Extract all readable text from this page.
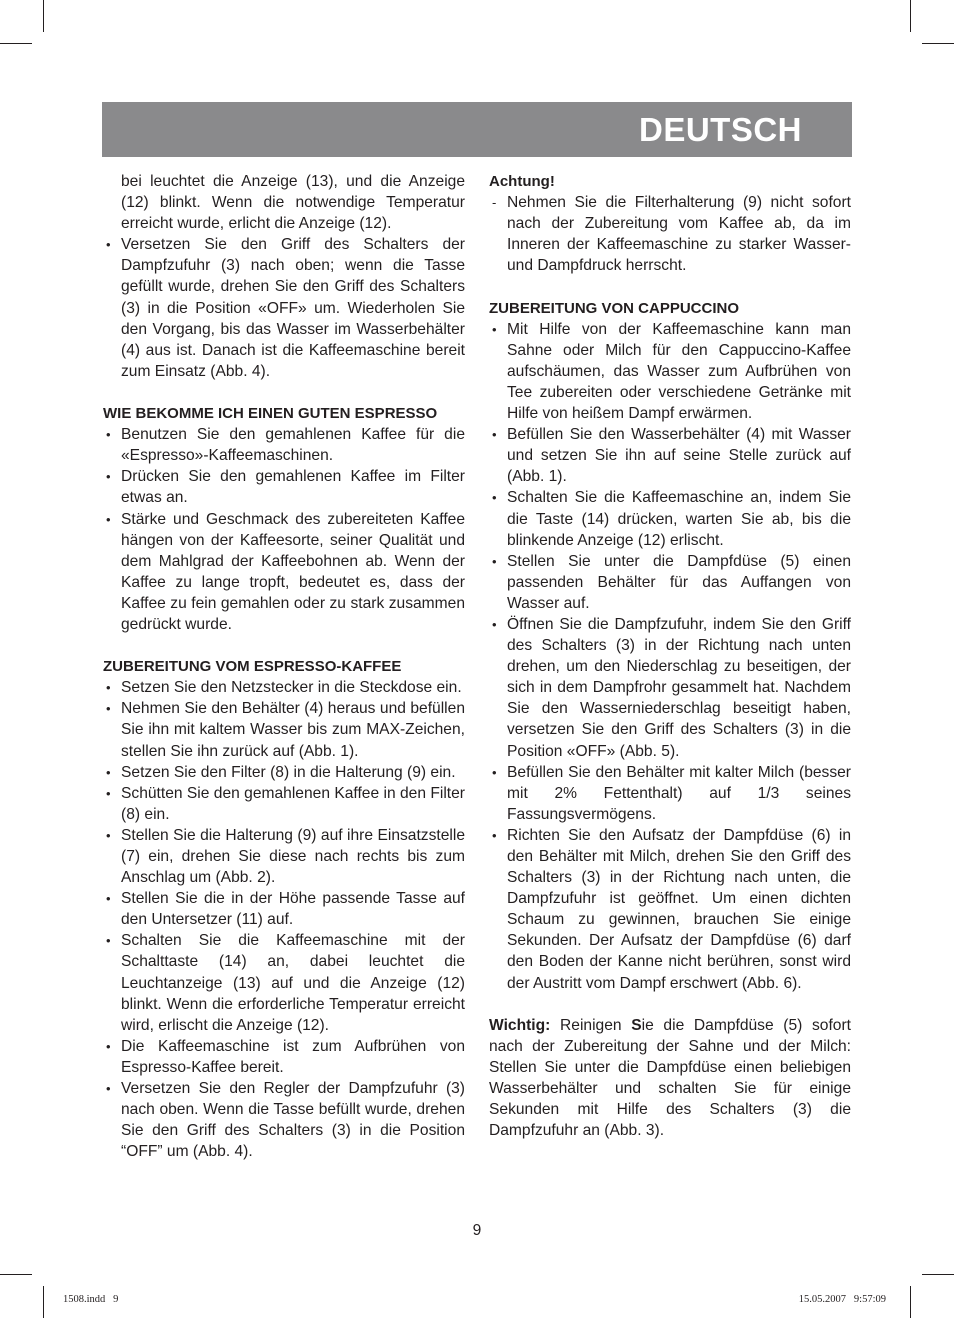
DEUTSCH

bei leuchtet die Anzeige (13), und die Anzeige (12) blinkt. Wenn die notwendige Temperatur erreicht wurde, erlicht die Anzeige (12).

• Versetzen Sie den Griff des Schalters der Dampfzufuhr (3) nach oben; wenn die Tasse gefüllt wurde, drehen Sie den Griff des Schalters (3) in die Position «OFF» um. Wiederholen Sie den Vorgang, bis das Wasser im Wasserbehälter (4) aus ist. Danach ist die Kaffeemaschine bereit zum Einsatz (Abb. 4).

WIE BEKOMME ICH EINEN GUTEN ESPRESSO

• Benutzen Sie den gemahlenen Kaffee für die «Espresso»-Kaffeemaschinen.
• Drücken Sie den gemahlenen Kaffee im Filter etwas an.
• Stärke und Geschmack des zubereiteten Kaffee hängen von der Kaffeesorte, seiner Qualität und dem Mahlgrad der Kaffeebohnen ab. Wenn der Kaffee zu lange tropft, bedeutet es, dass der Kaffee zu fein gemahlen oder zu stark zusammen gedrückt wurde.

ZUBEREITUNG VOM ESPRESSO-KAFFEE

• Setzen Sie den Netzstecker in die Steckdose ein.
• Nehmen Sie den Behälter (4) heraus und befüllen Sie ihn mit kaltem Wasser bis zum MAX-Zeichen, stellen Sie ihn zurück auf (Abb. 1).
• Setzen Sie den Filter (8) in die Halterung (9) ein.
• Schütten Sie den gemahlenen Kaffee in den Filter (8) ein.
• Stellen Sie die Halterung (9) auf ihre Einsatzstelle (7) ein, drehen Sie diese nach rechts bis zum Anschlag um (Abb. 2).
• Stellen Sie die in der Höhe passende Tasse auf den Untersetzer (11) auf.
• Schalten Sie die Kaffeemaschine mit der Schalttaste (14) an, dabei leuchtet die Leuchtanzeige (13) auf und die Anzeige (12) blinkt. Wenn die erforderliche Temperatur erreicht wird, erlischt die Anzeige (12).
• Die Kaffeemaschine ist zum Aufbrühen von Espresso-Kaffee bereit.
• Versetzen Sie den Regler der Dampfzufuhr (3) nach oben. Wenn die Tasse befüllt wurde, drehen Sie den Griff des Schalters (3) in die Position “OFF” um (Abb. 4).

Achtung!

- Nehmen Sie die Filterhalterung (9) nicht sofort nach der Zubereitung vom Kaffee ab, da im Inneren der Kaffeemaschine zu starker Wasser- und Dampfdruck herrscht.

ZUBEREITUNG VON CAPPUCCINO

• Mit Hilfe von der Kaffeemaschine kann man Sahne oder Milch für den Cappuccino-Kaffee aufschäumen, das Wasser zum Aufbrühen von Tee zubereiten oder verschiedene Getränke mit Hilfe von heißem Dampf erwärmen.
• Befüllen Sie den Wasserbehälter (4) mit Wasser und setzen Sie ihn auf seine Stelle zurück auf (Abb. 1).
• Schalten Sie die Kaffeemaschine an, indem Sie die Taste (14) drücken, warten Sie ab, bis die blinkende Anzeige (12) erlischt.
• Stellen Sie unter die Dampfdüse (5) einen passenden Behälter für das Auffangen von Wasser auf.
• Öffnen Sie die Dampfzufuhr, indem Sie den Griff des Schalters (3) in der Richtung nach unten drehen, um den Niederschlag zu beseitigen, der sich in dem Dampfrohr gesammelt hat. Nachdem Sie den Wasserniederschlag beseitigt haben, versetzen Sie den Griff des Schalters (3) in die Position «OFF» (Abb. 5).
• Befüllen Sie den Behälter mit kalter Milch (besser mit 2% Fettenthalt) auf 1/3 seines Fassungsvermögens.
• Richten Sie den Aufsatz der Dampfdüse (6) in den Behälter mit Milch, drehen Sie den Griff des Schalters (3) in der Richtung nach unten, die Dampfzufuhr ist geöffnet. Um einen dichten Schaum zu gewinnen, brauchen Sie einige Sekunden. Der Aufsatz der Dampfdüse (6) darf den Boden der Kanne nicht berühren, sonst wird der Austritt vom Dampf erschwert (Abb. 6).

Wichtig: Reinigen Sie die Dampfdüse (5) sofort nach der Zubereitung der Sahne und der Milch: Stellen Sie unter die Dampfdüse einen beliebigen Wasserbehälter und schalten Sie für einige Sekunden mit Hilfe des Schalters (3) die Dampfzufuhr an (Abb. 3).

9
1508.indd   9	15.05.2007   9:57:09
